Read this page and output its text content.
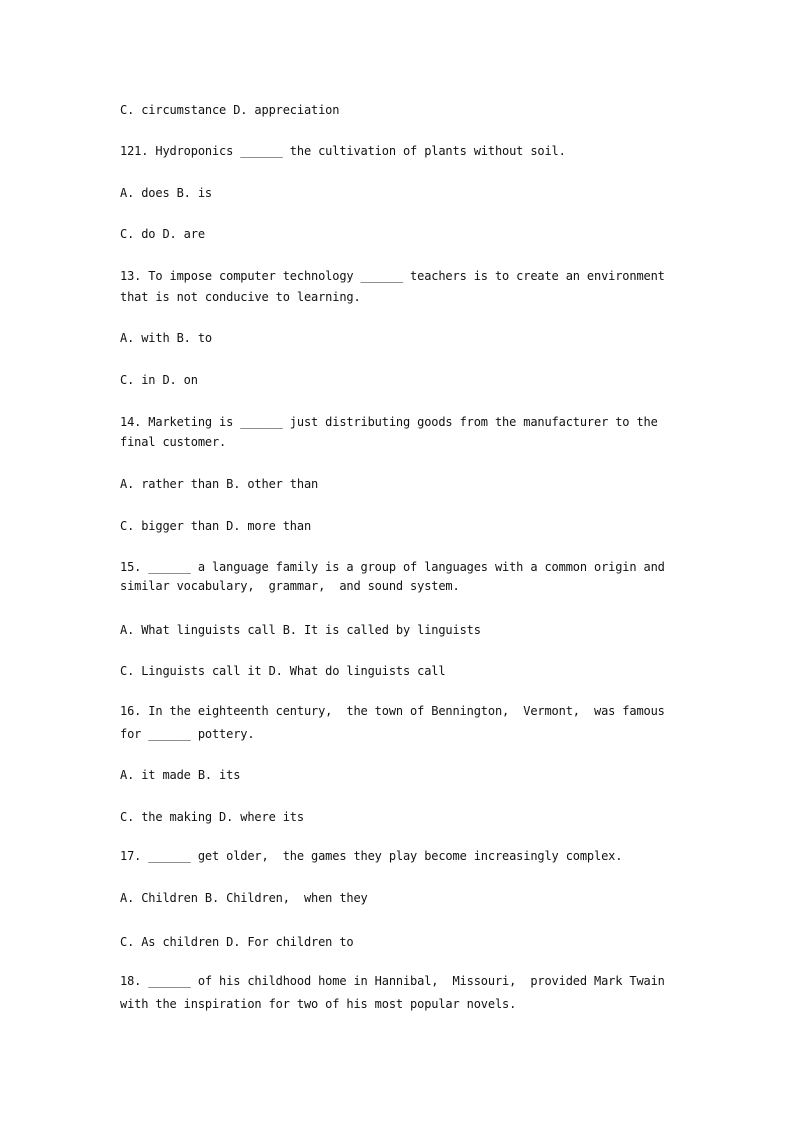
C. circumstance D. appreciation
121. Hydroponics ______ the cultivation of plants without soil.
A. does B. is
C. do D. are
13. To impose computer technology ______ teachers is to create an environment
that is not conducive to learning.
A. with B. to
C. in D. on
14. Marketing is ______ just distributing goods from the manufacturer to the
final customer.
A. rather than B. other than
C. bigger than D. more than
15. ______ a language family is a group of languages with a common origin and
similar vocabulary,  grammar,  and sound system.
A. What linguists call B. It is called by linguists
C. Linguists call it D. What do linguists call
16. In the eighteenth century,  the town of Bennington,  Vermont,  was famous
for ______ pottery.
A. it made B. its
C. the making D. where its
17. ______ get older,  the games they play become increasingly complex.
A. Children B. Children,  when they
C. As children D. For children to
18. ______ of his childhood home in Hannibal,  Missouri,  provided Mark Twain
with the inspiration for two of his most popular novels.
